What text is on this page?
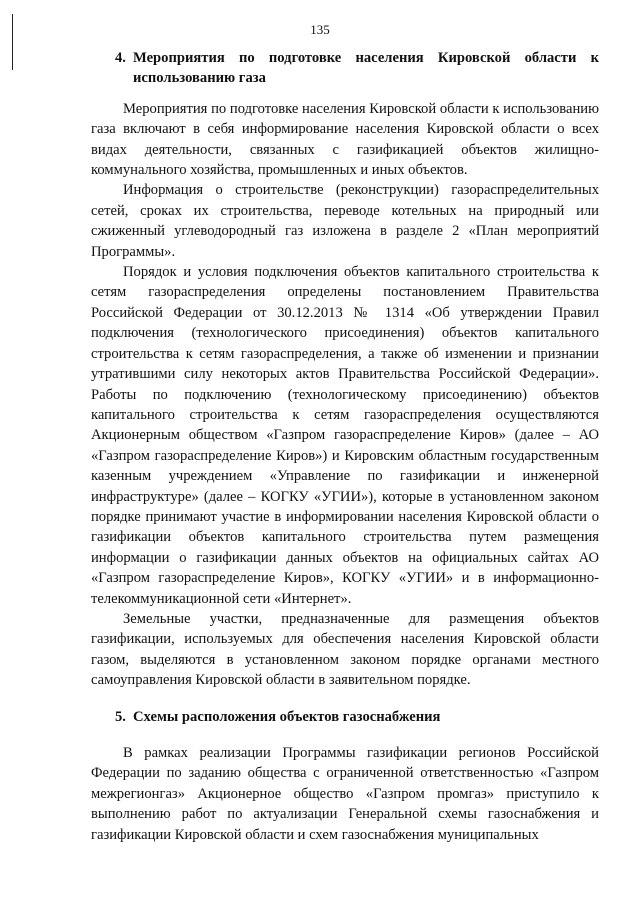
135
4. Мероприятия по подготовке населения Кировской области к использованию газа

Мероприятия по подготовке населения Кировской области к использованию газа включают в себя информирование населения Кировской области о всех видах деятельности, связанных с газификацией объектов жилищно-коммунального хозяйства, промышленных и иных объектов.

Информация о строительстве (реконструкции) газораспределительных сетей, сроках их строительства, переводе котельных на природный или сжиженный углеводородный газ изложена в разделе 2 «План мероприятий Программы».

Порядок и условия подключения объектов капитального строительства к сетям газораспределения определены постановлением Правительства Российской Федерации от 30.12.2013 № 1314 «Об утверждении Правил подключения (технологического присоединения) объектов капитального строительства к сетям газораспределения, а также об изменении и признании утратившими силу некоторых актов Правительства Российской Федерации». Работы по подключению (технологическому присоединению) объектов капитального строительства к сетям газораспределения осуществляются Акционерным обществом «Газпром газораспределение Киров» (далее – АО «Газпром газораспределение Киров») и Кировским областным государственным казенным учреждением «Управление по газификации и инженерной инфраструктуре» (далее – КОГКУ «УГИИ»), которые в установленном законом порядке принимают участие в информировании населения Кировской области о газификации объектов капитального строительства путем размещения информации о газификации данных объектов на официальных сайтах АО «Газпром газораспределение Киров», КОГКУ «УГИИ» и в информационно-телекоммуникационной сети «Интернет».

Земельные участки, предназначенные для размещения объектов газификации, используемых для обеспечения населения Кировской области газом, выделяются в установленном законом порядке органами местного самоуправления Кировской области в заявительном порядке.

5. Схемы расположения объектов газоснабжения

В рамках реализации Программы газификации регионов Российской Федерации по заданию общества с ограниченной ответственностью «Газпром межрегионгаз» Акционерное общество «Газпром промгаз» приступило к выполнению работ по актуализации Генеральной схемы газоснабжения и газификации Кировской области и схем газоснабжения муниципальных
